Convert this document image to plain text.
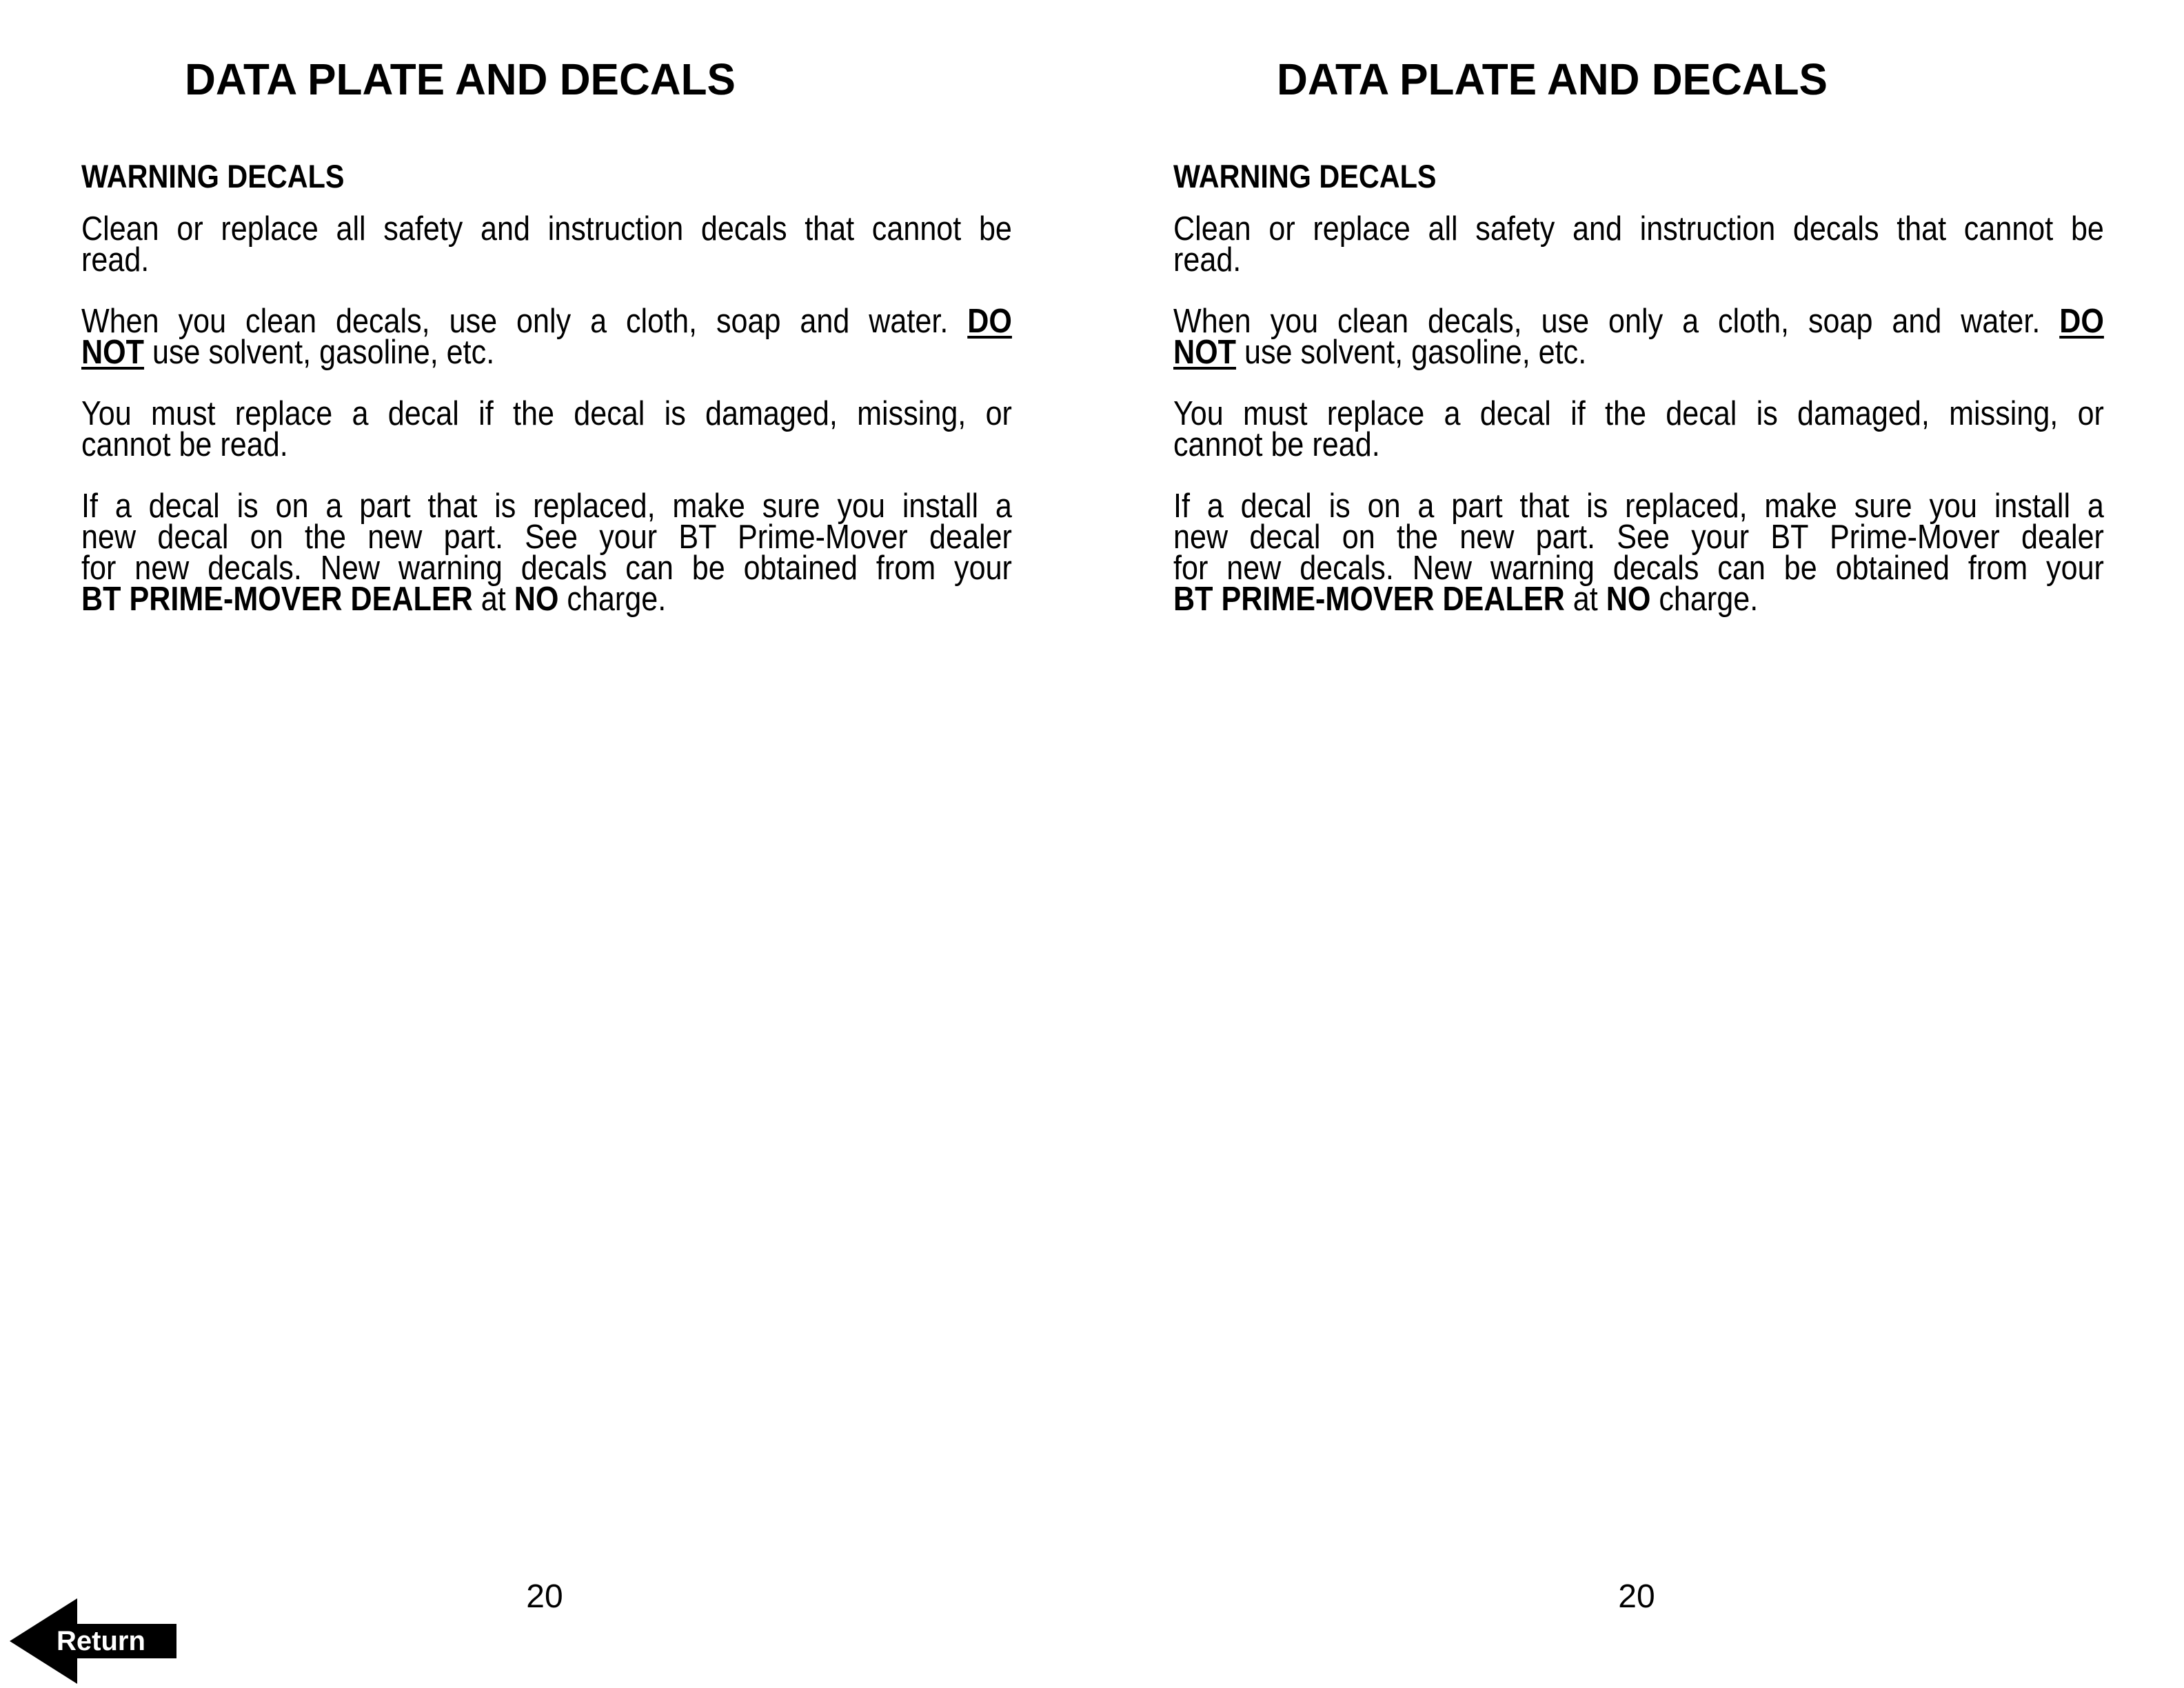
DATA PLATE AND DECALS
WARNING DECALS
Clean or replace all safety and instruction decals that cannot be
read.
When you clean decals, use only a cloth, soap and water. DO
NOT use solvent, gasoline, etc.
You must replace a decal if the decal is damaged, missing, or
cannot be read.
If a decal is on a part that is replaced, make sure you install a
new decal on the new part. See your BT Prime-Mover dealer
for new decals. New warning decals can be obtained from your
BT PRIME-MOVER DEALER at NO charge.
20
DATA PLATE AND DECALS
WARNING DECALS
Clean or replace all safety and instruction decals that cannot be
read.
When you clean decals, use only a cloth, soap and water. DO
NOT use solvent, gasoline, etc.
You must replace a decal if the decal is damaged, missing, or
cannot be read.
If a decal is on a part that is replaced, make sure you install a
new decal on the new part. See your BT Prime-Mover dealer
for new decals. New warning decals can be obtained from your
BT PRIME-MOVER DEALER at NO charge.
20
Return
